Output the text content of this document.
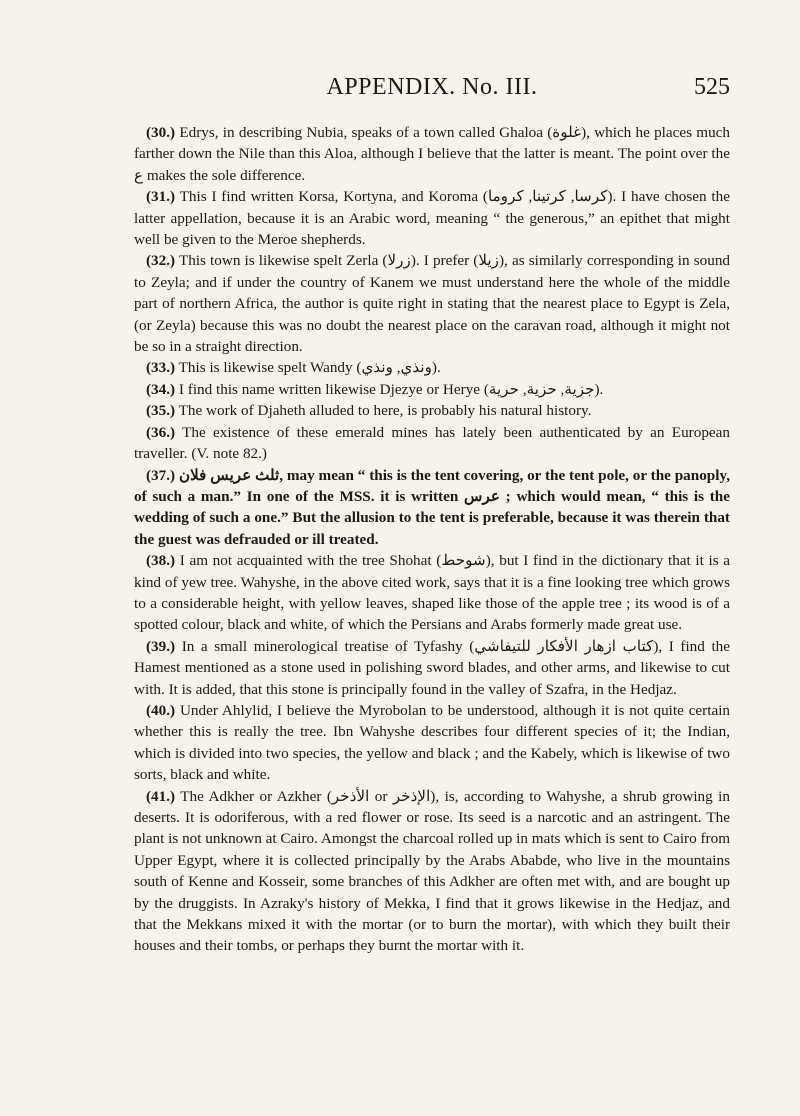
APPENDIX. No. III.	525

(30.) Edrys, in describing Nubia, speaks of a town called Ghaloa (غلوة), which he places much farther down the Nile than this Aloa, although I believe that the latter is meant. The point over the ع makes the sole difference.

(31.) This I find written Korsa, Kortyna, and Koroma (كرسا, كرتينا, كروما). I have chosen the latter appellation, because it is an Arabic word, meaning “ the generous,” an epithet that might well be given to the Meroe shepherds.

(32.) This town is likewise spelt Zerla (زرلا). I prefer (زيلا), as similarly corresponding in sound to Zeyla; and if under the country of Kanem we must understand here the whole of the middle part of northern Africa, the author is quite right in stating that the nearest place to Egypt is Zela, (or Zeyla) because this was no doubt the nearest place on the caravan road, although it might not be so in a straight direction.

(33.) This is likewise spelt Wandy (ونذي, ونذي).

(34.) I find this name written likewise Djezye or Herye (جزية, حزية, حرية).

(35.) The work of Djaheth alluded to here, is probably his natural history.

(36.) The existence of these emerald mines has lately been authenticated by an European traveller. (V. note 82.)

(37.) ثلث عريس فلان, may mean “ this is the tent covering, or the tent pole, or the panoply, of such a man.” In one of the MSS. it is written عرس ; which would mean, “ this is the wedding of such a one.” But the allusion to the tent is preferable, because it was therein that the guest was defrauded or ill treated.

(38.) I am not acquainted with the tree Shohat (شوحط), but I find in the dictionary that it is a kind of yew tree. Wahyshe, in the above cited work, says that it is a fine looking tree which grows to a considerable height, with yellow leaves, shaped like those of the apple tree ; its wood is of a spotted colour, black and white, of which the Persians and Arabs formerly made great use.

(39.) In a small minerological treatise of Tyfashy (كتاب ازهار الأفكار للتيفاشي), I find the Hamest mentioned as a stone used in polishing sword blades, and other arms, and likewise to cut with. It is added, that this stone is principally found in the valley of Szafra, in the Hedjaz.

(40.) Under Ahlylid, I believe the Myrobolan to be understood, although it is not quite certain whether this is really the tree. Ibn Wahyshe describes four different species of it; the Indian, which is divided into two species, the yellow and black ; and the Kabely, which is likewise of two sorts, black and white.

(41.) The Adkher or Azkher (الأذخر or الإذخر), is, according to Wahyshe, a shrub growing in deserts. It is odoriferous, with a red flower or rose. Its seed is a narcotic and an astringent. The plant is not unknown at Cairo. Amongst the charcoal rolled up in mats which is sent to Cairo from Upper Egypt, where it is collected principally by the Arabs Ababde, who live in the mountains south of Kenne and Kosseir, some branches of this Adkher are often met with, and are bought up by the druggists. In Azraky's history of Mekka, I find that it grows likewise in the Hedjaz, and that the Mekkans mixed it with the mortar (or to burn the mortar), with which they built their houses and their tombs, or perhaps they burnt the mortar with it.
